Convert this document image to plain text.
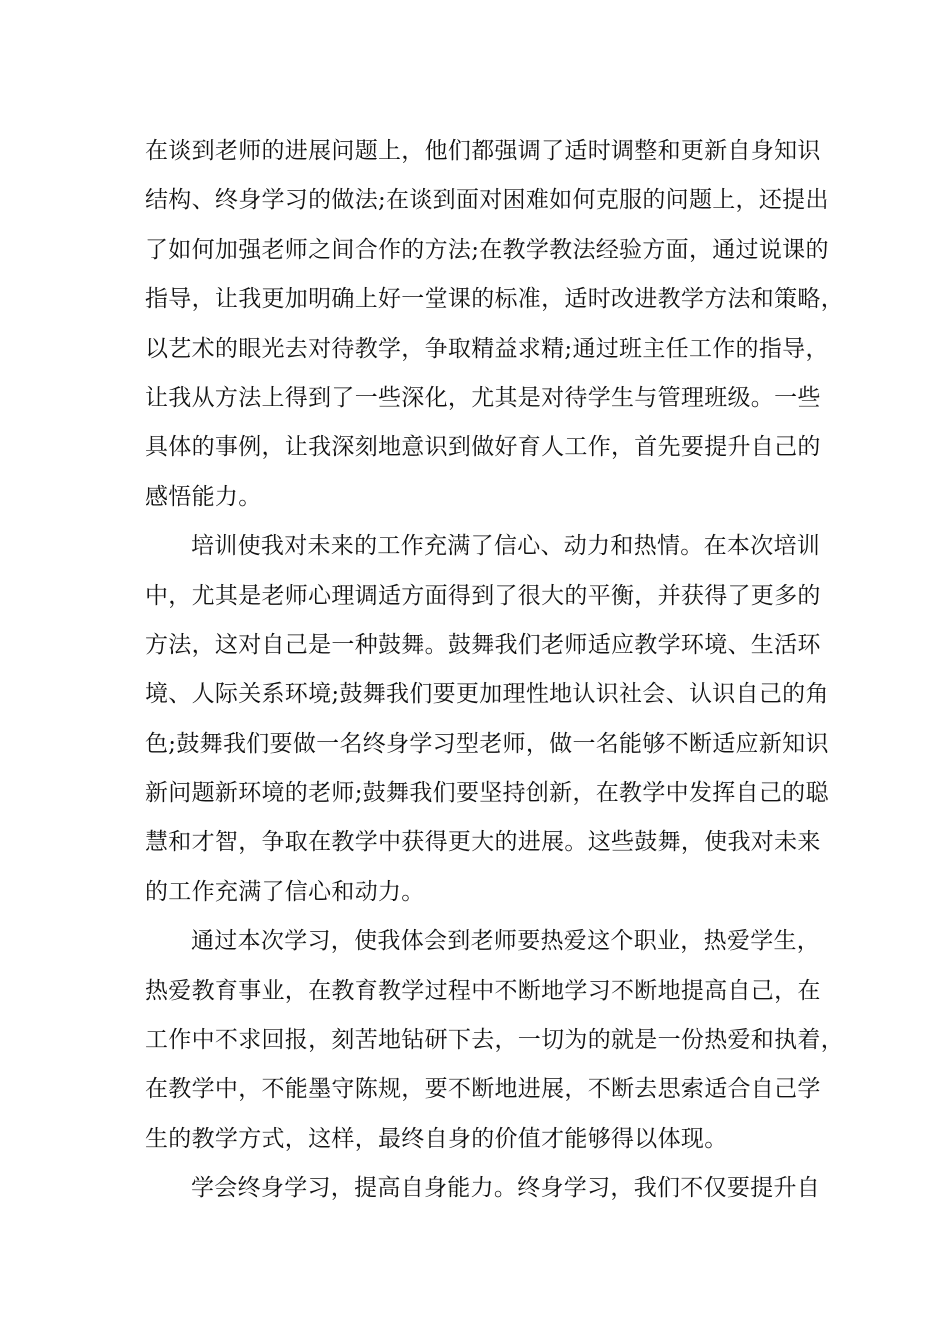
在谈到老师的进展问题上，他们都强调了适时调整和更新自身知识
结构、终身学习的做法;在谈到面对困难如何克服的问题上，还提出
了如何加强老师之间合作的方法;在教学教法经验方面，通过说课的
指导，让我更加明确上好一堂课的标准，适时改进教学方法和策略，
以艺术的眼光去对待教学，争取精益求精;通过班主任工作的指导，
让我从方法上得到了一些深化，尤其是对待学生与管理班级。一些
具体的事例，让我深刻地意识到做好育人工作，首先要提升自己的
感悟能力。
培训使我对未来的工作充满了信心、动力和热情。在本次培训
中，尤其是老师心理调适方面得到了很大的平衡，并获得了更多的
方法，这对自己是一种鼓舞。鼓舞我们老师适应教学环境、生活环
境、人际关系环境;鼓舞我们要更加理性地认识社会、认识自己的角
色;鼓舞我们要做一名终身学习型老师，做一名能够不断适应新知识
新问题新环境的老师;鼓舞我们要坚持创新，在教学中发挥自己的聪
慧和才智，争取在教学中获得更大的进展。这些鼓舞，使我对未来
的工作充满了信心和动力。
通过本次学习，使我体会到老师要热爱这个职业，热爱学生，
热爱教育事业，在教育教学过程中不断地学习不断地提高自己，在
工作中不求回报，刻苦地钻研下去，一切为的就是一份热爱和执着，
在教学中，不能墨守陈规，要不断地进展，不断去思索适合自己学
生的教学方式，这样，最终自身的价值才能够得以体现。
学会终身学习，提高自身能力。终身学习，我们不仅要提升自
